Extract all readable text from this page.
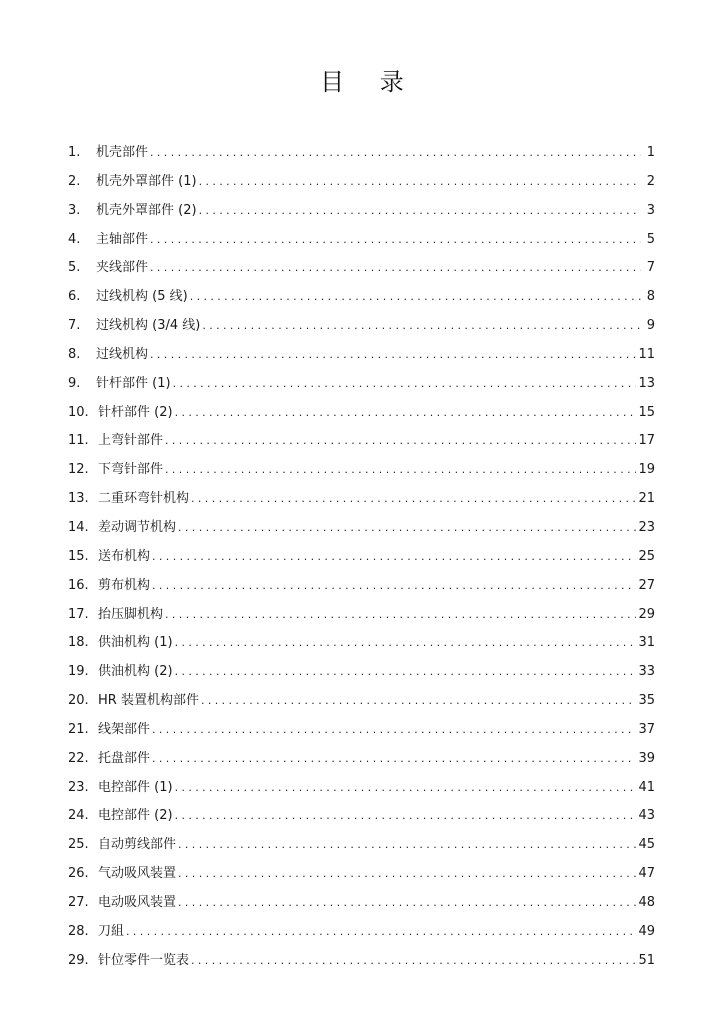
目 录
1.	机壳部件 .....	1
2.	机壳外罩部件 (1) .....	2
3.	机壳外罩部件 (2) .....	3
4.	主轴部件 .....	5
5.	夹线部件 .....	7
6.	过线机构 (5 线) .....	8
7.	过线机构 (3/4 线) .....	9
8.	过线机构 .....	11
9.	针杆部件 (1) .....	13
10. 针杆部件 (2) .....	15
11. 上弯针部件 .....	17
12. 下弯针部件 .....	19
13. 二重环弯针机构 .....	21
14. 差动调节机构 .....	23
15. 送布机构 .....	25
16. 剪布机构 .....	27
17. 抬压脚机构 .....	29
18. 供油机构 (1) .....	31
19. 供油机构 (2) .....	33
20. HR 装置机构部件 .....	35
21. 线架部件 .....	37
22. 托盘部件 .....	39
23. 电控部件 (1) .....	41
24. 电控部件 (2) .....	43
25. 自动剪线部件 .....	45
26. 气动吸风装置 .....	47
27. 电动吸风装置 .....	48
28. 刀組 .....	49
29. 针位零件一览表 .....	51
